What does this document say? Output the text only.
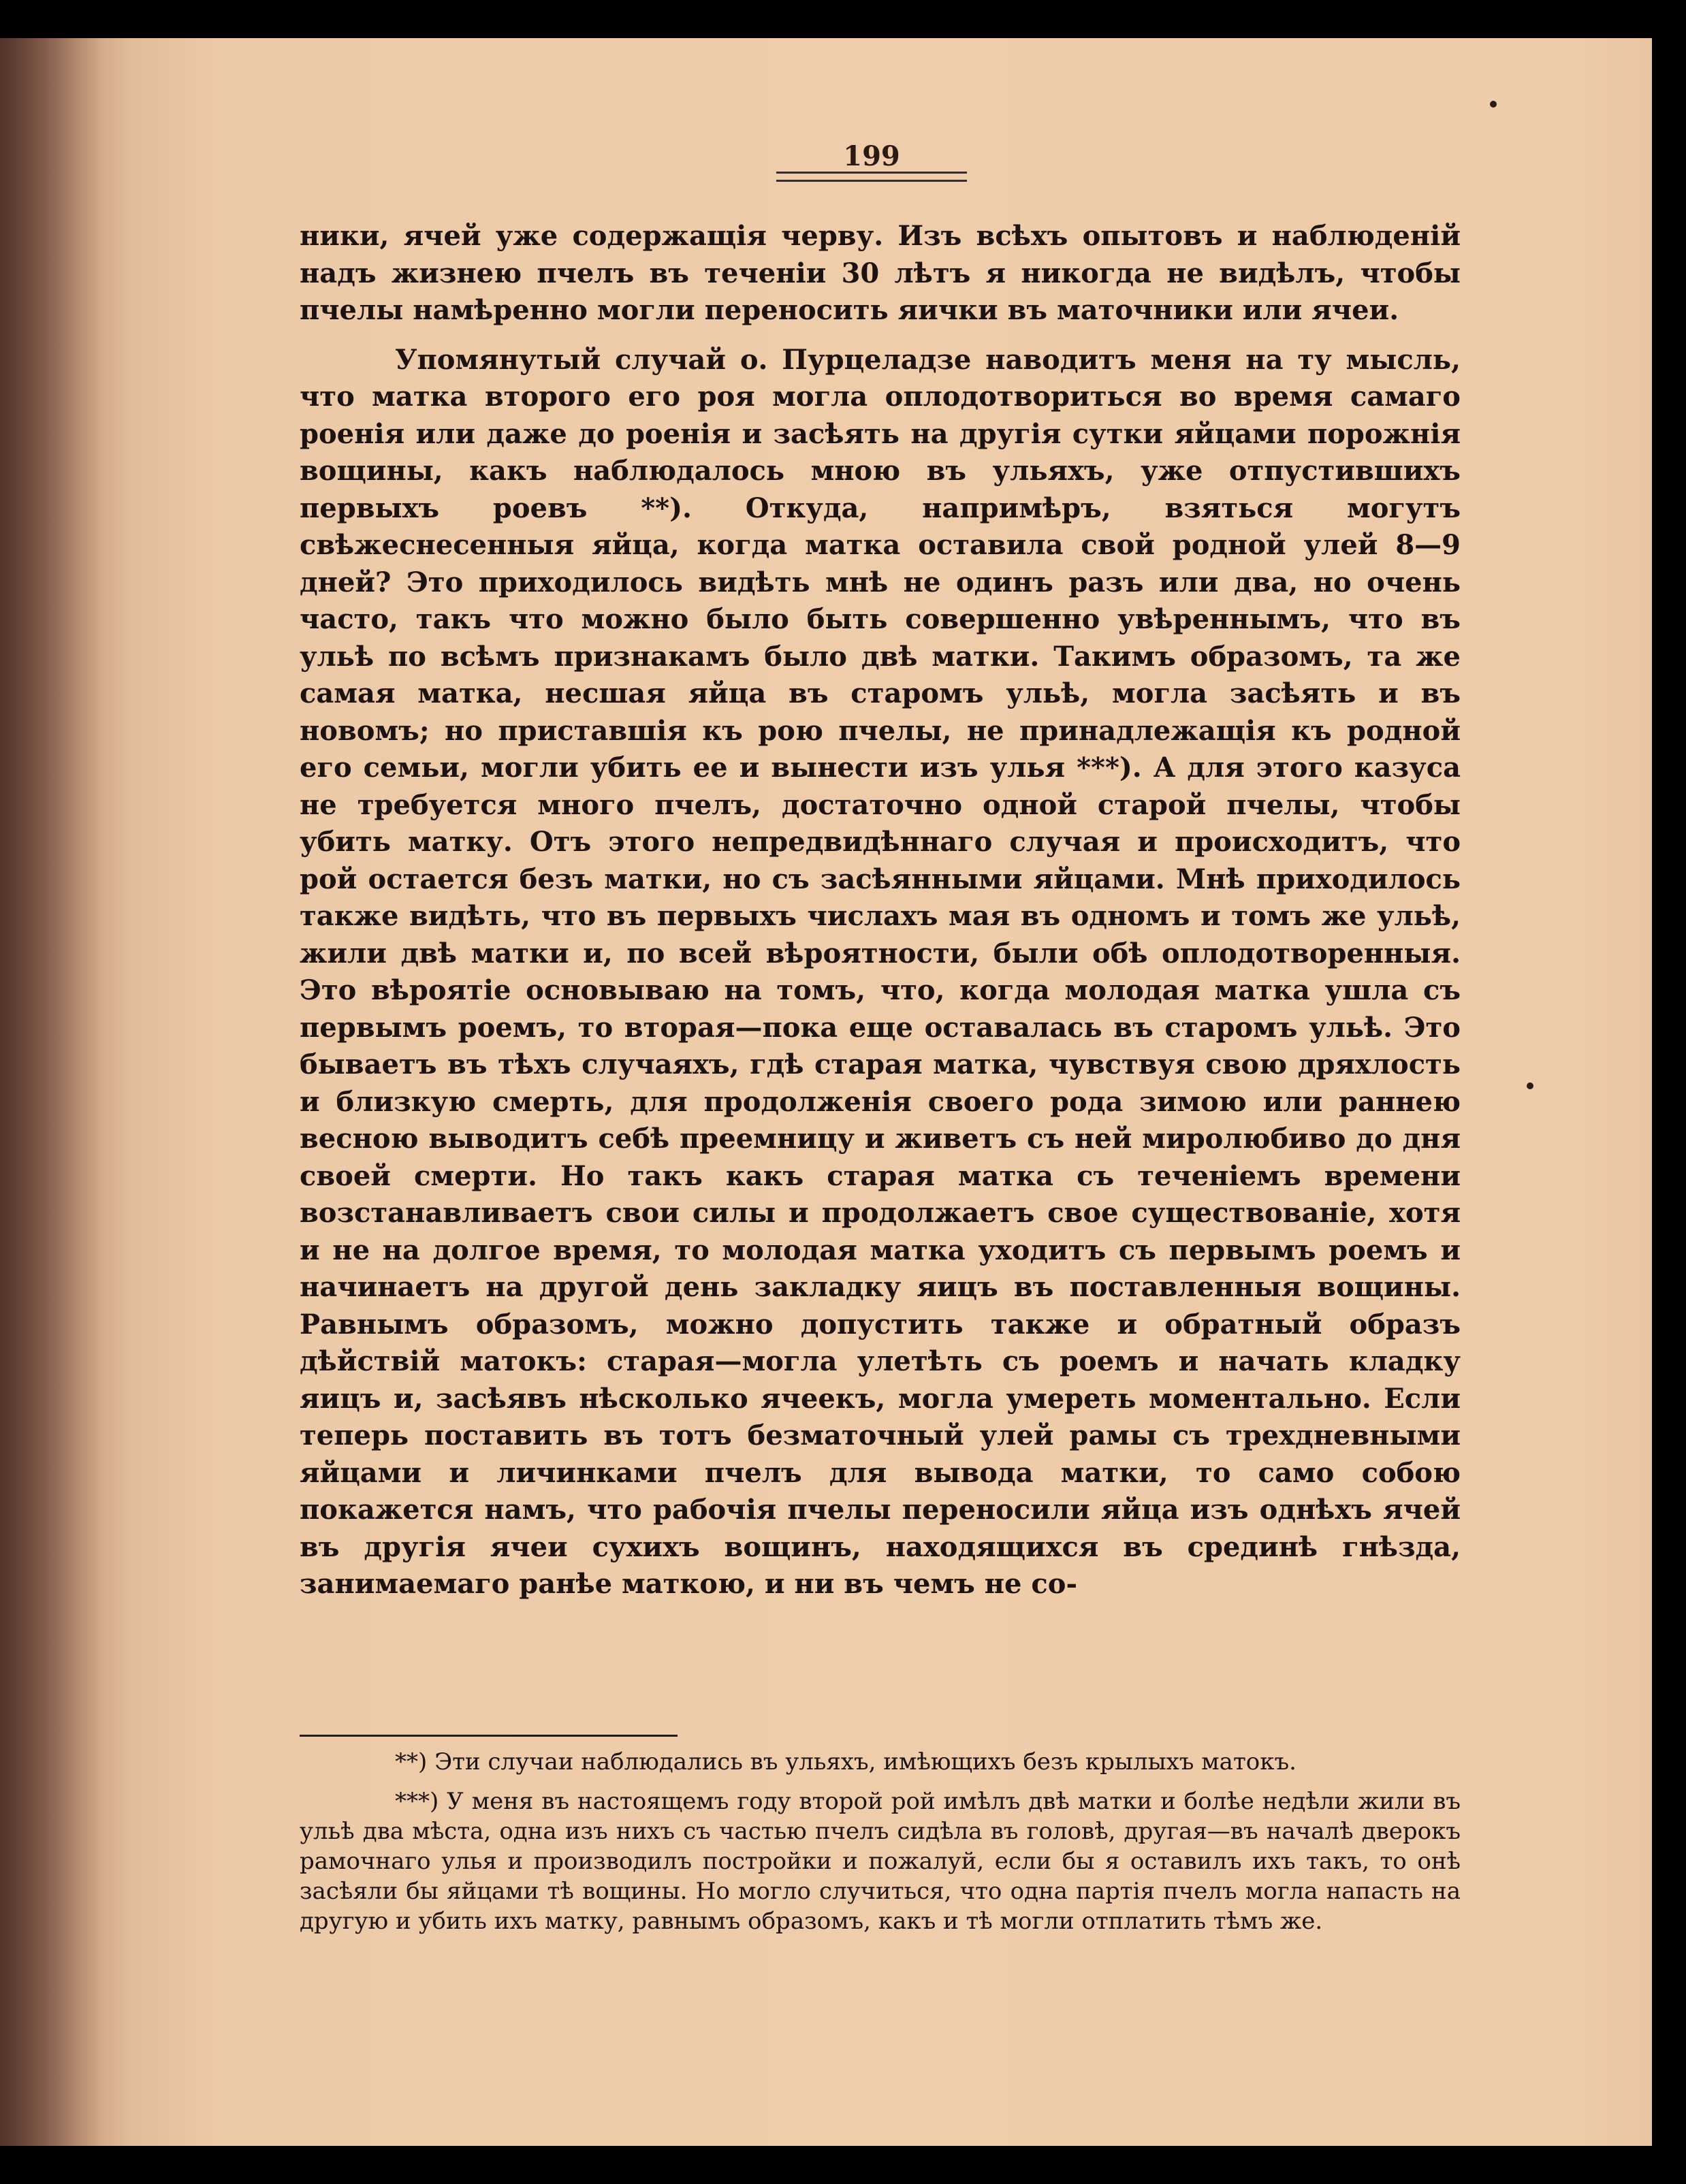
199

ники, ячей уже содержащія черву. Изъ всѣхъ опытовъ и наблюденій надъ жизнею пчелъ въ теченіи 30 лѣтъ я никогда не видѣлъ, чтобы пчелы намѣренно могли переносить яички въ маточники или ячеи.

Упомянутый случай о. Пурцеладзе наводитъ меня на ту мысль, что матка второго его роя могла оплодотвориться во время самаго роенія или даже до роенія и засѣять на другія сутки яйцами порожнія вощины, какъ наблюдалось мною въ ульяхъ, уже отпустившихъ первыхъ роевъ **). Откуда, напримѣръ, взяться могутъ свѣжеснесенныя яйца, когда матка оставила свой родной улей 8—9 дней? Это приходилось видѣть мнѣ не одинъ разъ или два, но очень часто, такъ что можно было быть совершенно увѣреннымъ, что въ ульѣ по всѣмъ признакамъ было двѣ матки. Такимъ образомъ, та же самая матка, несшая яйца въ старомъ ульѣ, могла засѣять и въ новомъ; но приставшія къ рою пчелы, не принадлежащія къ родной его семьи, могли убить ее и вынести изъ улья ***). А для этого казуса не требуется много пчелъ, достаточно одной старой пчелы, чтобы убить матку. Отъ этого непредвидѣннаго случая и происходитъ, что рой остается безъ матки, но съ засѣянными яйцами. Мнѣ приходилось также видѣть, что въ первыхъ числахъ мая въ одномъ и томъ же ульѣ, жили двѣ матки и, по всей вѣроятности, были обѣ оплодотворенныя. Это вѣроятіе основываю на томъ, что, когда молодая матка ушла съ первымъ роемъ, то вторая—пока еще оставалась въ старомъ ульѣ. Это бываетъ въ тѣхъ случаяхъ, гдѣ старая матка, чувствуя свою дряхлость и близкую смерть, для продолженія своего рода зимою или раннею весною выводитъ себѣ преемницу и живетъ съ ней миролюбиво до дня своей смерти. Но такъ какъ старая матка съ теченіемъ времени возстанавливаетъ свои силы и продолжаетъ свое существованіе, хотя и не на долгое время, то молодая матка уходитъ съ первымъ роемъ и начинаетъ на другой день закладку яицъ въ поставленныя вощины. Равнымъ образомъ, можно допустить также и обратный образъ дѣйствій матокъ: старая—могла улетѣть съ роемъ и начать кладку яицъ и, засѣявъ нѣсколько ячеекъ, могла умереть моментально. Если теперь поставить въ тотъ безматочный улей рамы съ трехдневными яйцами и личинками пчелъ для вывода матки, то само собою покажется намъ, что рабочія пчелы переносили яйца изъ однѣхъ ячей въ другія ячеи сухихъ вощинъ, находящихся въ срединѣ гнѣзда, занимаемаго ранѣе маткою, и ни въ чемъ не со-

**) Эти случаи наблюдались въ ульяхъ, имѣющихъ безъ крылыхъ матокъ.

***) У меня въ настоящемъ году второй рой имѣлъ двѣ матки и болѣе недѣли жили въ ульѣ два мѣста, одна изъ нихъ съ частью пчелъ сидѣла въ головѣ, другая—въ началѣ дверокъ рамочнаго улья и производилъ постройки и пожалуй, если бы я оставилъ ихъ такъ, то онѣ засѣяли бы яйцами тѣ вощины. Но могло случиться, что одна партія пчелъ могла напасть на другую и убить ихъ матку, равнымъ образомъ, какъ и тѣ могли отплатить тѣмъ же.
